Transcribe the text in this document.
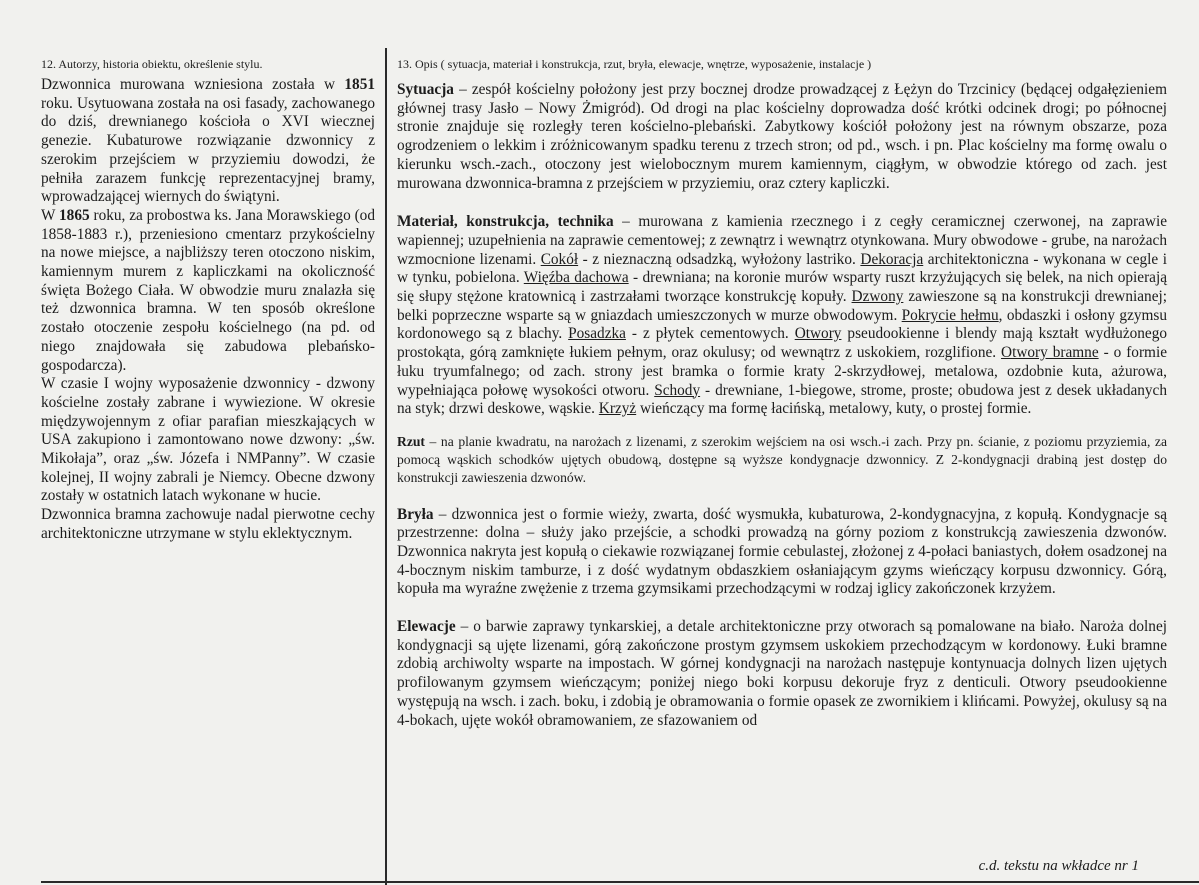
12. Autorzy, historia obiektu, określenie stylu.

Dzwonnica murowana wzniesiona została w 1851 roku. Usytuowana została na osi fasady, zachowanego do dziś, drewnianego kościoła o XVI wiecznej genezie. Kubaturowe rozwiązanie dzwonnicy z szerokim przejściem w przyziemiu dowodzi, że pełniła zarazem funkcję reprezentacyjnej bramy, wprowadzającej wiernych do świątyni.

W 1865 roku, za probostwa ks. Jana Morawskiego (od 1858-1883 r.), przeniesiono cmentarz przykościelny na nowe miejsce, a najbliższy teren otoczono niskim, kamiennym murem z kapliczkami na okoliczność święta Bożego Ciała. W obwodzie muru znalazła się też dzwonnica bramna. W ten sposób określone zostało otoczenie zespołu kościelnego (na pd. od niego znajdowała się zabudowa plebańsko-gospodarcza).

W czasie I wojny wyposażenie dzwonnicy - dzwony kościelne zostały zabrane i wywiezione. W okresie międzywojennym z ofiar parafian mieszkających w USA zakupiono i zamontowano nowe dzwony: „św. Mikołaja”, oraz „św. Józefa i NMPanny”. W czasie kolejnej, II wojny zabrali je Niemcy. Obecne dzwony zostały w ostatnich latach wykonane w hucie.

Dzwonnica bramna zachowuje nadal pierwotne cechy architektoniczne utrzymane w stylu eklektycznym.

13. Opis ( sytuacja, materiał i konstrukcja, rzut, bryła, elewacje, wnętrze, wyposażenie, instalacje )

Sytuacja – zespół kościelny położony jest przy bocznej drodze prowadzącej z Łężyn do Trzcinicy (będącej odgałęzieniem głównej trasy Jasło – Nowy Żmigród). Od drogi na plac kościelny doprowadza dość krótki odcinek drogi; po północnej stronie znajduje się rozległy teren kościelno-plebański. Zabytkowy kościół położony jest na równym obszarze, poza ogrodzeniem o lekkim i zróżnicowanym spadku terenu z trzech stron; od pd., wsch. i pn. Plac kościelny ma formę owalu o kierunku wsch.-zach., otoczony jest wielobocznym murem kamiennym, ciągłym, w obwodzie którego od zach. jest murowana dzwonnica-bramna z przejściem w przyziemiu, oraz cztery kapliczki.

Materiał, konstrukcja, technika – murowana z kamienia rzecznego i z cegły ceramicznej czerwonej, na zaprawie wapiennej; uzupełnienia na zaprawie cementowej; z zewnątrz i wewnątrz otynkowana. Mury obwodowe - grube, na narożach wzmocnione lizenami. Cokół - z nieznaczną odsadzką, wyłożony lastriko. Dekoracja architektoniczna - wykonana w cegle i w tynku, pobielona. Więźba dachowa - drewniana; na koronie murów wsparty ruszt krzyżujących się belek, na nich opierają się słupy stężone kratownicą i zastrzałami tworzące konstrukcję kopuły. Dzwony zawieszone są na konstrukcji drewnianej; belki poprzeczne wsparte są w gniazdach umieszczonych w murze obwodowym. Pokrycie hełmu, obdaszki i osłony gzymsu kordonowego są z blachy. Posadzka - z płytek cementowych. Otwory pseudookienne i blendy mają kształt wydłużonego prostokąta, górą zamknięte łukiem pełnym, oraz okulusy; od wewnątrz z uskokiem, rozglifione. Otwory bramne - o formie łuku tryumfalnego; od zach. strony jest bramka o formie kraty 2-skrzydłowej, metalowa, ozdobnie kuta, ażurowa, wypełniająca połowę wysokości otworu. Schody - drewniane, 1-biegowe, strome, proste; obudowa jest z desek układanych na styk; drzwi deskowe, wąskie. Krzyż wieńczący ma formę łacińską, metalowy, kuty, o prostej formie.

Rzut – na planie kwadratu, na narożach z lizenami, z szerokim wejściem na osi wsch.-i zach. Przy pn. ścianie, z poziomu przyziemia, za pomocą wąskich schodków ujętych obudową, dostępne są wyższe kondygnacje dzwonnicy. Z 2-kondygnacji drabiną jest dostęp do konstrukcji zawieszenia dzwonów.

Bryła – dzwonnica jest o formie wieży, zwarta, dość wysmukła, kubaturowa, 2-kondygnacyjna, z kopułą. Kondygnacje są przestrzenne: dolna – służy jako przejście, a schodki prowadzą na górny poziom z konstrukcją zawieszenia dzwonów. Dzwonnica nakryta jest kopułą o ciekawie rozwiązanej formie cebulastej, złożonej z 4-połaci baniastych, dołem osadzonej na 4-bocznym niskim tamburze, i z dość wydatnym obdaszkiem osłaniającym gzyms wieńczący korpusu dzwonnicy. Górą, kopuła ma wyraźne zwężenie z trzema gzymsikami przechodzącymi w rodzaj iglicy zakończonek krzyżem.

Elewacje – o barwie zaprawy tynkarskiej, a detale architektoniczne przy otworach są pomalowane na biało. Naroża dolnej kondygnacji są ujęte lizenami, górą zakończone prostym gzymsem uskokiem przechodzącym w kordonowy. Łuki bramne zdobią archiwolty wsparte na impostach. W górnej kondygnacji na narożach następuje kontynuacja dolnych lizen ujętych profilowanym gzymsem wieńczącym; poniżej niego boki korpusu dekoruje fryz z denticuli. Otwory pseudookienne występują na wsch. i zach. boku, i zdobią je obramowania o formie opasek ze zwornikiem i klińcami. Powyżej, okulusy są na 4-bokach, ujęte wokół obramowaniem, ze sfazowaniem od

c.d. tekstu na wkładce nr 1
